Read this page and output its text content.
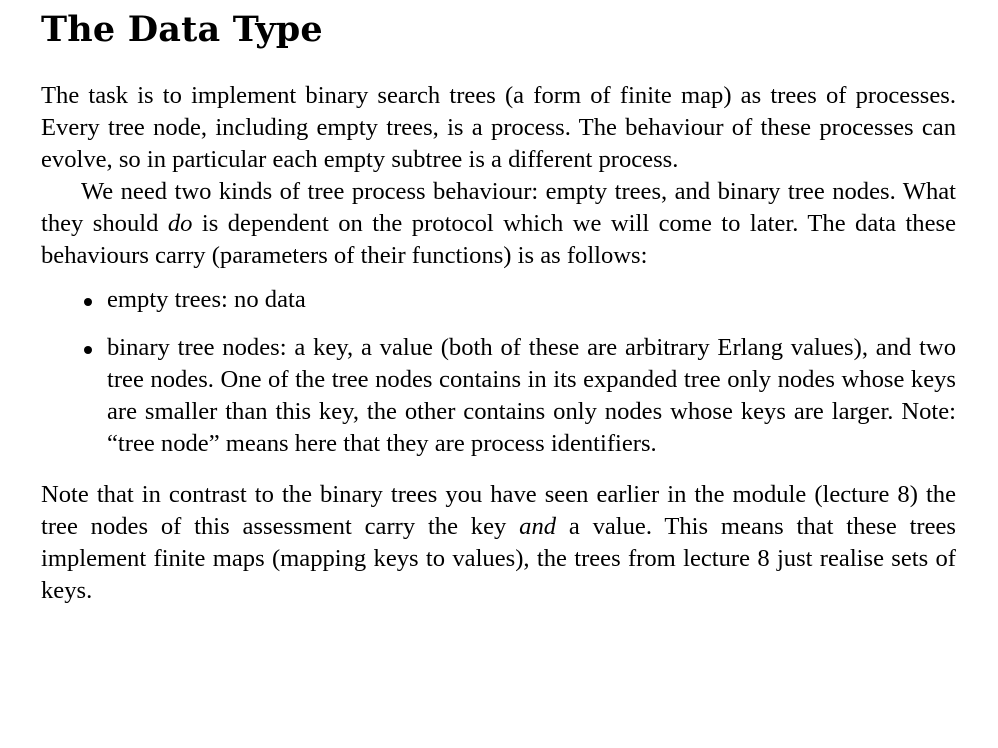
The Data Type

The task is to implement binary search trees (a form of finite map) as trees of processes. Every tree node, including empty trees, is a process. The behaviour of these processes can evolve, so in particular each empty subtree is a different process.

We need two kinds of tree process behaviour: empty trees, and binary tree nodes. What they should do is dependent on the protocol which we will come to later. The data these behaviours carry (parameters of their functions) is as follows:

empty trees: no data
binary tree nodes: a key, a value (both of these are arbitrary Erlang values), and two tree nodes. One of the tree nodes contains in its expanded tree only nodes whose keys are smaller than this key, the other contains only nodes whose keys are larger. Note: “tree node” means here that they are process identifiers.

Note that in contrast to the binary trees you have seen earlier in the module (lecture 8) the tree nodes of this assessment carry the key and a value. This means that these trees implement finite maps (mapping keys to values), the trees from lecture 8 just realise sets of keys.
